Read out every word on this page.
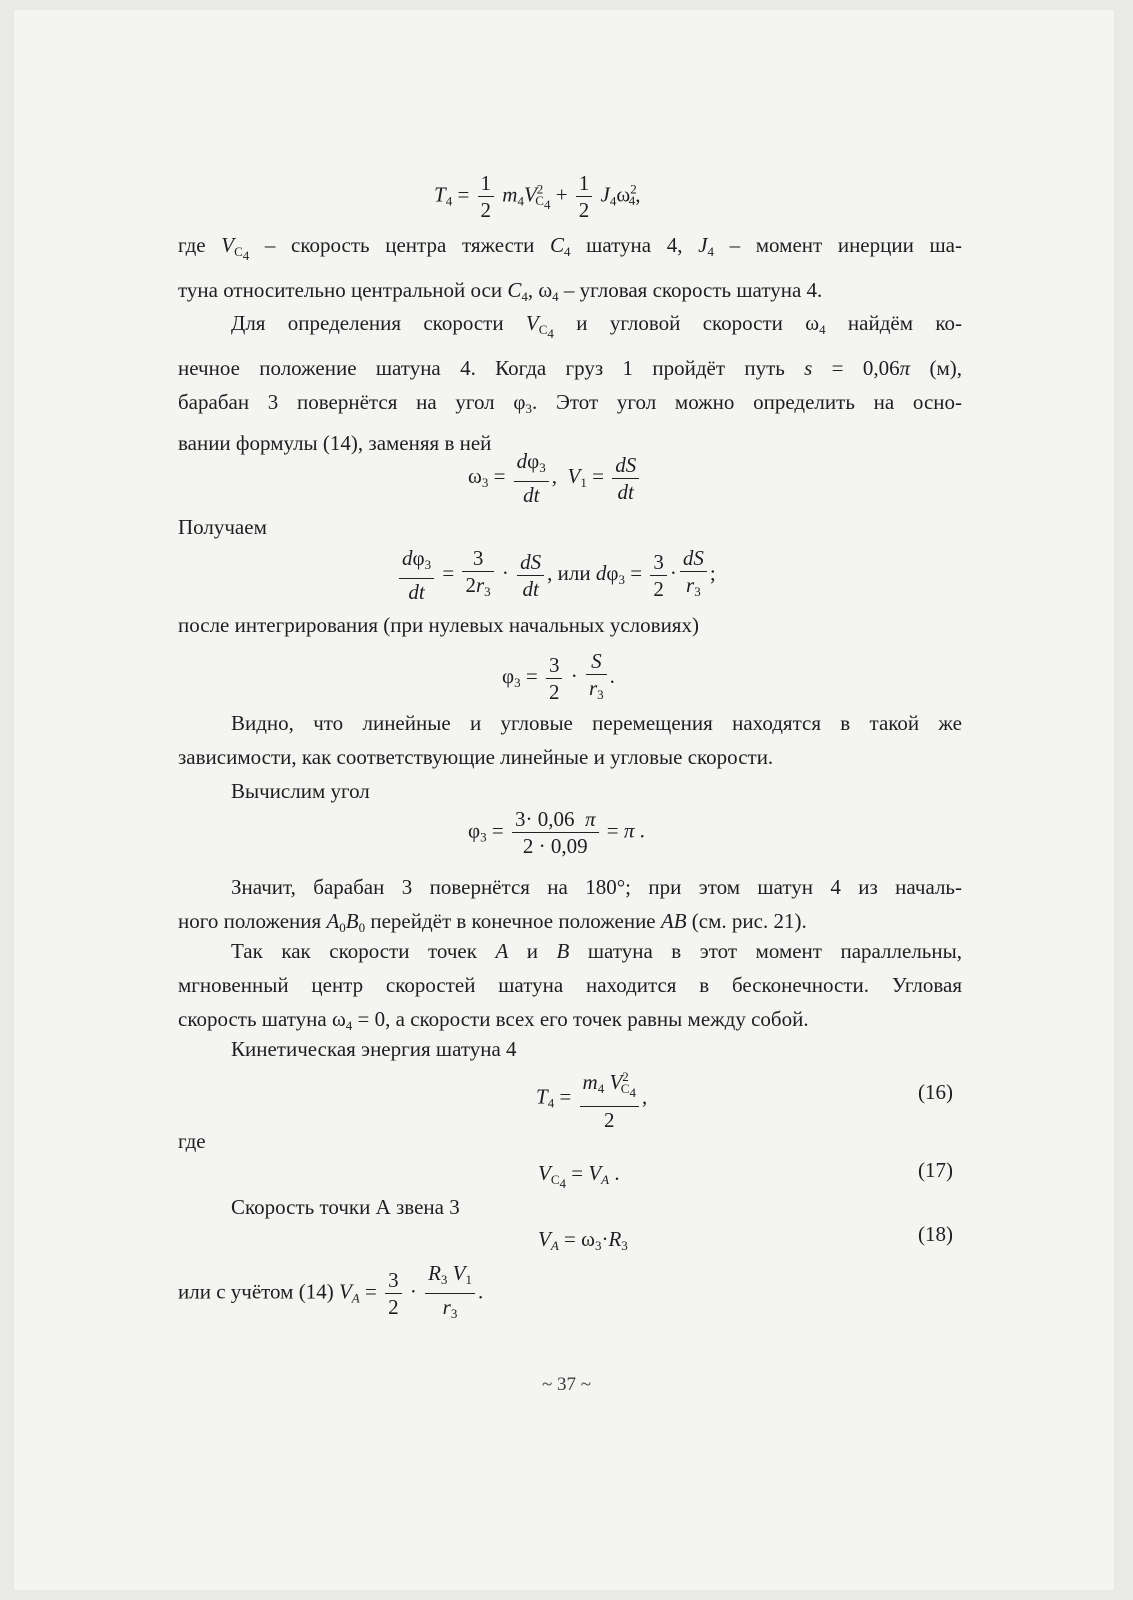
$T_4 = \frac{1}{2} m_4V^2_{C_4} + \frac{1}{2} J_4\omega^2_4$,

где $V_{C_4}$ – скорость центра тяжести $C_4$ шатуна 4, $J_4$ – момент инерции ша-

туна относительно центральной оси $C_4$, $\omega_4$ – угловая скорость шатуна 4.

Для определения скорости $V_{C_4}$ и угловой скорости $\omega_4$ найдём ко-

нечное положение шатуна 4. Когда груз 1 пройдёт путь s = 0,06π (м),

барабан 3 повернётся на угол $\varphi_3$. Этот угол можно определить на осно-

вании формулы (14), заменяя в ней

$\omega_3 = \frac{d\varphi_3}{dt}$ ,  $V_1 = \frac{dS}{dt}$
Получаем
$\frac{d\varphi_3}{dt} = \frac{3}{2r_3} \cdot \frac{dS}{dt}$ , или $d\varphi_3 = \frac{3}{2} \cdot \frac{dS}{r_3}$ ;
после интегрирования (при нулевых начальных условиях)
$\varphi_3 = \frac{3}{2} \cdot \frac{S}{r_3}$ .

Видно, что линейные и угловые перемещения находятся в такой же

зависимости, как соответствующие линейные и угловые скорости.

Вычислим угол

$\varphi_3 = \frac{3\cdot 0,06 \pi}{2 \cdot 0,09} = \pi$ .

Значит, барабан 3 повернётся на 180°; при этом шатун 4 из началь-

ного положения $A_0B_0$ перейдёт в конечное положение AB (см. рис. 21).

Так как скорости точек A и B шатуна в этот момент параллельны,

мгновенный центр скоростей шатуна находится в бесконечности. Угловая

скорость шатуна $\omega_4 = 0$, а скорости всех его точек равны между собой.

Кинетическая энергия шатуна 4
$T_4 = \frac{m_4 V^2_{C_4}}{2}$ ,	(16)
где
$V_{C_4} = V_A$ .	(17)
Скорость точки А звена 3
$V_A = \omega_3\cdot R_3$	(18)
или с учётом (14) $V_A = \frac{3}{2} \cdot \frac{R_3 V_1}{r_3}$ .
~ 37 ~
